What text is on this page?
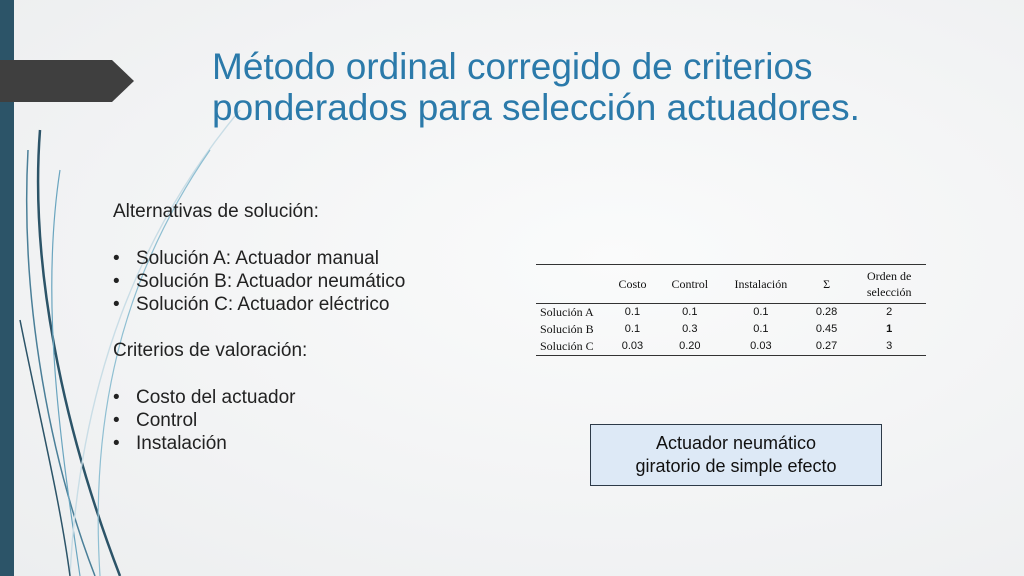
Método ordinal corregido de criterios
ponderados para selección actuadores.

Alternativas de solución:

• Solución A: Actuador manual
• Solución B: Actuador neumático
• Solución C: Actuador eléctrico

Criterios de valoración:

• Costo del actuador
• Control
• Instalación
	Costo	Control	Instalación	Σ	Orden de selección
Solución A	0.1	0.1	0.1	0.28	2
Solución B	0.1	0.3	0.1	0.45	1
Solución C	0.03	0.20	0.03	0.27	3
Actuador neumático
giratorio de simple efecto
